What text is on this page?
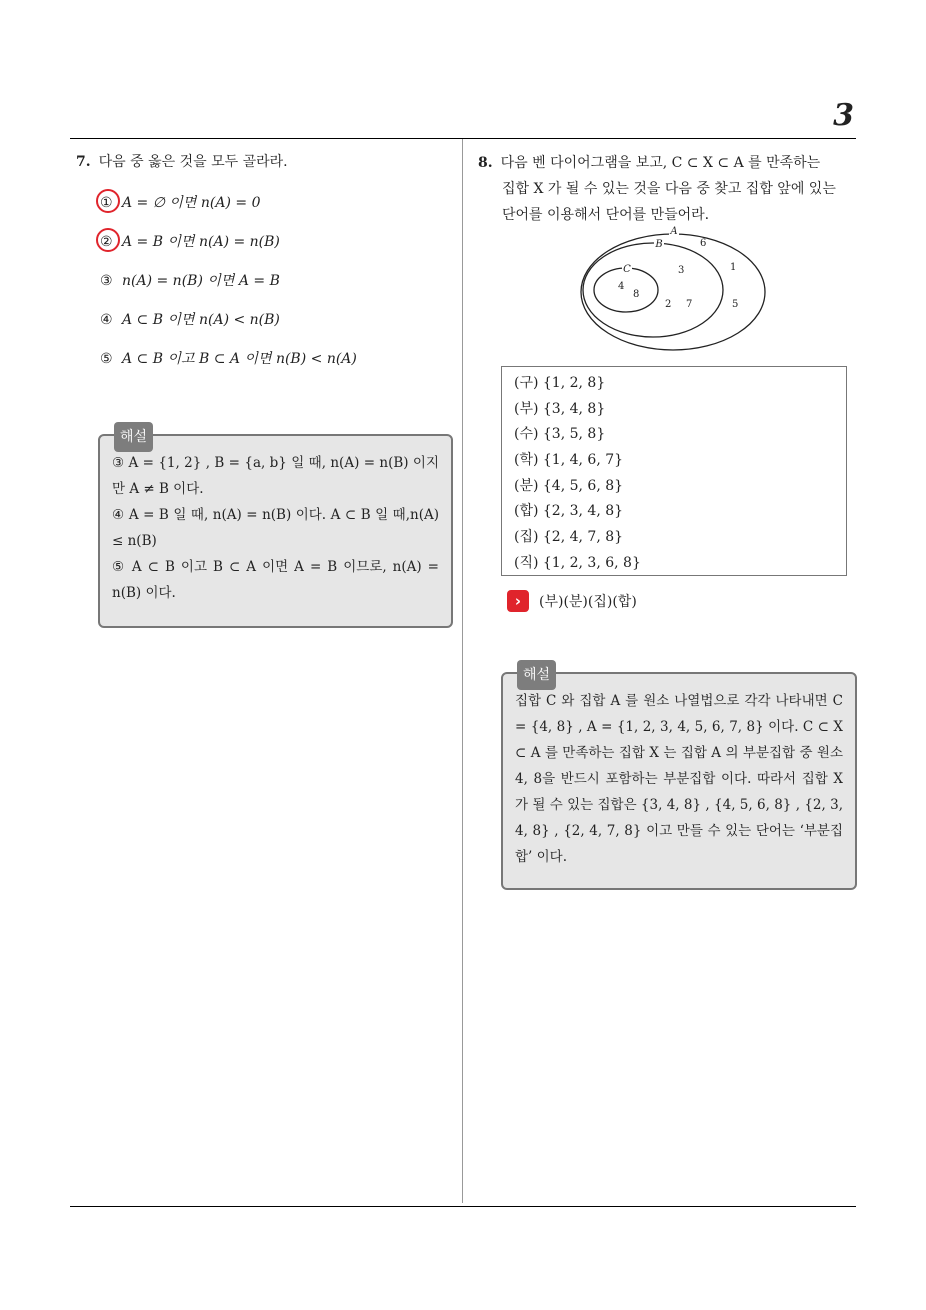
3
7. 다음 중 옳은 것을 모두 골라라.
① A = ∅ 이면 n(A) = 0
② A = B 이면 n(A) = n(B)
③ n(A) = n(B) 이면 A = B
④ A ⊂ B 이면 n(A) < n(B)
⑤ A ⊂ B 이고 B ⊂ A 이면 n(B) < n(A)
해설

③ A = {1, 2} , B = {a, b} 일 때, n(A) = n(B) 이지만 A ≠ B 이다.

④ A = B 일 때, n(A) = n(B) 이다. A ⊂ B 일 때,n(A) ≤ n(B)

⑤ A ⊂ B 이고 B ⊂ A 이면 A = B 이므로, n(A) = n(B) 이다.

8. 다음 벤 다이어그램을 보고, C ⊂ X ⊂ A 를 만족하는
집합 X 가 될 수 있는 것을 다음 중 찾고 집합 앞에 있는
단어를 이용해서 단어를 만들어라.
A
B
C
4
8
3
6
2 7
1
5
(구) {1, 2, 8}
(부) {3, 4, 8}
(수) {3, 5, 8}
(학) {1, 4, 6, 7}
(분) {4, 5, 6, 8}
(합) {2, 3, 4, 8}
(집) {2, 4, 7, 8}
(직) {1, 2, 3, 6, 8}
›	(부)(분)(집)(합)
해설

집합 C 와 집합 A 를 원소 나열법으로 각각 나타내면 C = {4, 8} , A = {1, 2, 3, 4, 5, 6, 7, 8} 이다. C ⊂ X ⊂ A 를 만족하는 집합 X 는 집합 A 의 부분집합 중 원소 4, 8을 반드시 포함하는 부분집합 이다. 따라서 집합 X 가 될 수 있는 집합은 {3, 4, 8} , {4, 5, 6, 8} , {2, 3, 4, 8} , {2, 4, 7, 8} 이고 만들 수 있는 단어는 ‘부분집합’ 이다.
